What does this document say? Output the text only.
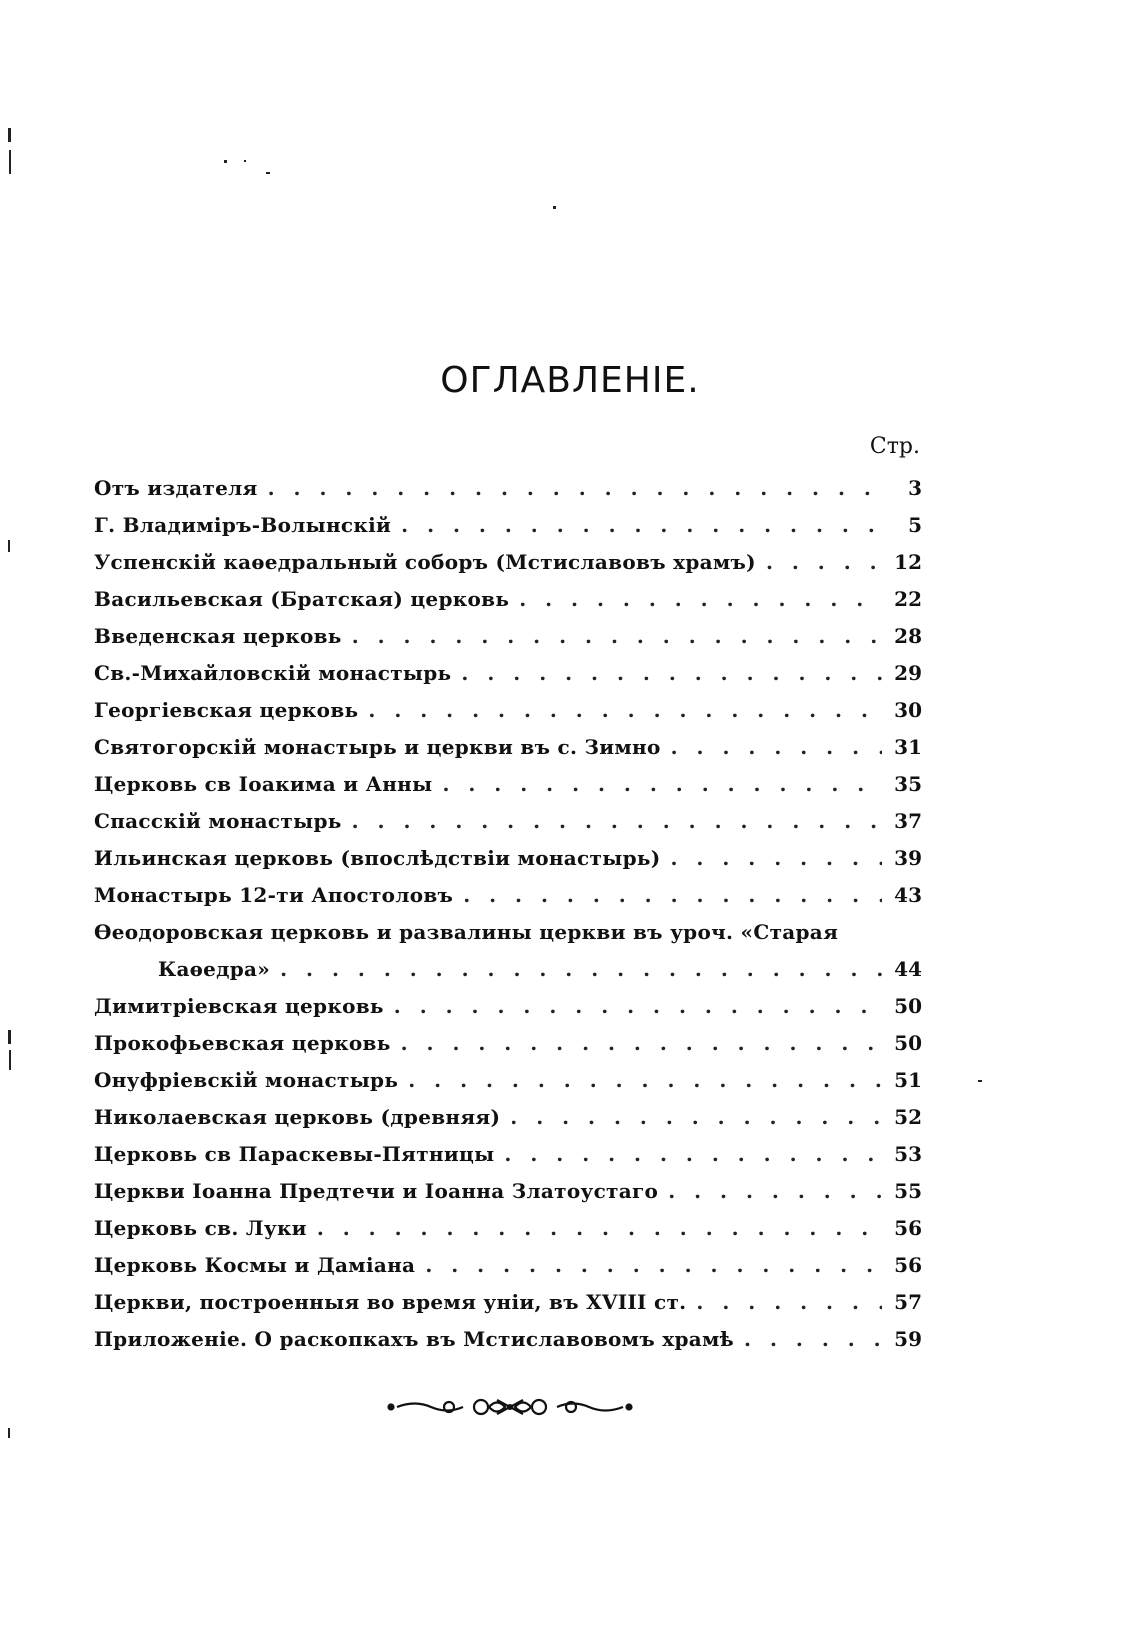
ОГЛАВЛЕНІЕ.
Стр.
Отъ издателя . . .	3
Г. Владиміръ-Волынскій . . .	5
Успенскій каѳедральный соборъ (Мстиславовъ храмъ) . . .	12
Васильевская (Братская) церковь . . .	22
Введенская церковь . . .	28
Св.-Михайловскій монастырь . . .	29
Георгіевская церковь . . .	30
Святогорскій монастырь и церкви въ с. Зимно . . .	31
Церковь св Іоакима и Анны . . .	35
Спасскій монастырь . . .	37
Ильинская церковь (впослѣдствіи монастырь) . . .	39
Монастырь 12-ти Апостоловъ . . .	43
Ѳеодоровская церковь и развалины церкви въ уроч. «Старая
Каѳедра» . . .	44
Димитріевская церковь . . .	50
Прокофьевская церковь . . .	50
Онуфріевскій монастырь . . .	51
Николаевская церковь (древняя) . . .	52
Церковь св Параскевы-Пятницы . . .	53
Церкви Іоанна Предтечи и Іоанна Златоустаго . . .	55
Церковь св. Луки . . .	56
Церковь Космы и Даміана . . .	56
Церкви, построенныя во время уніи, въ XVIII ст. . . .	57
Приложеніе. О раскопкахъ въ Мстиславовомъ храмѣ . . .	59
